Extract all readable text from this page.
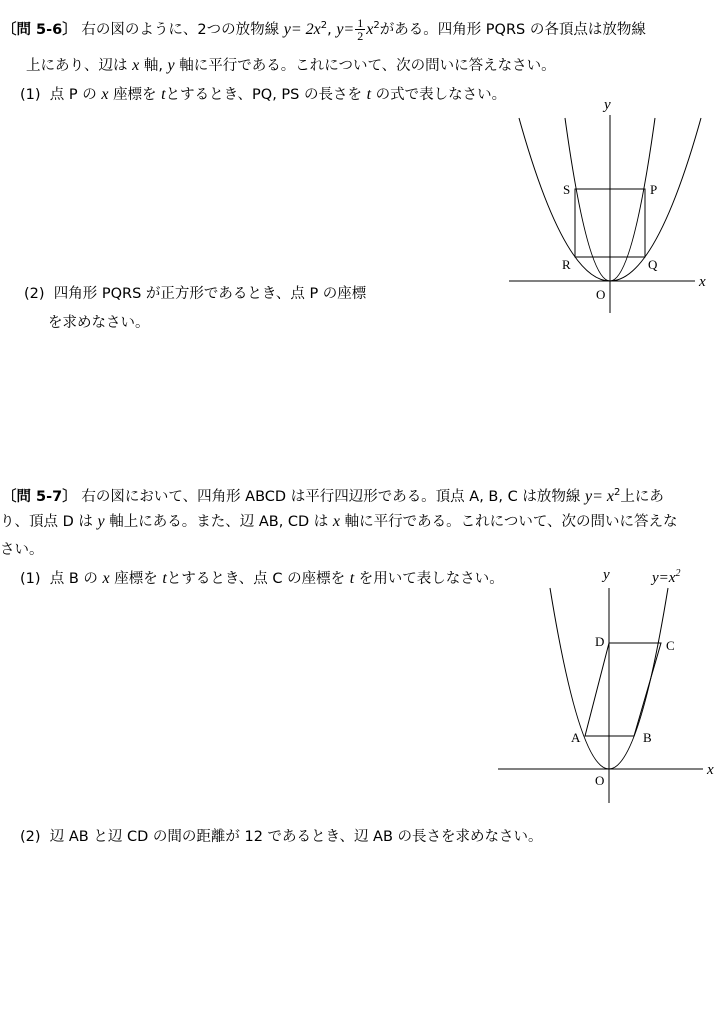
〔問 5-6〕 右の図のように、2つの放物線 $y= 2x^2$, $y= \frac{1}{2} x^2$がある。四角形 PQRS の各頂点は放物線
上にあり、辺は x 軸, y 軸に平行である。これについて、次の問いに答えなさい。
(1) 点 P の x 座標を tとするとき、PQ, PS の長さを t の式で表しなさい。
(2) 四角形 PQRS が正方形であるとき、点 P の座標
を求めなさい。
y
x
O
S	P
R	Q
〔問 5-7〕 右の図において、四角形 ABCD は平行四辺形である。頂点 A, B, C は放物線 $y= x^2$上にあ
り、頂点 D は y 軸上にある。また、辺 AB, CD は x 軸に平行である。これについて、次の問いに答えな
さい。
(1) 点 B の x 座標を tとするとき、点 C の座標を t を用いて表しなさい。
(2) 辺 AB と辺 CD の間の距離が 12 であるとき、辺 AB の長さを求めなさい。
y	$y=x^2$
x
O
D	C
A	B
